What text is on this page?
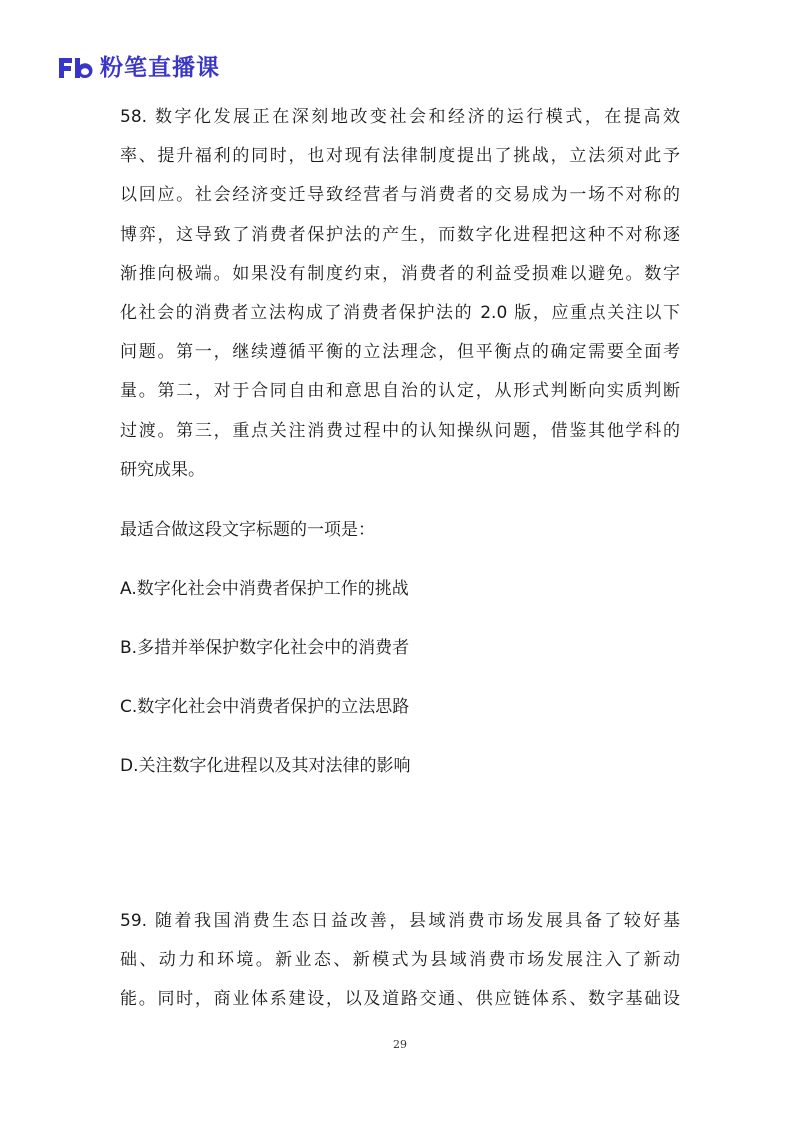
粉笔直播课
58. 数字化发展正在深刻地改变社会和经济的运行模式，在提高效
率、提升福利的同时，也对现有法律制度提出了挑战，立法须对此予
以回应。社会经济变迁导致经营者与消费者的交易成为一场不对称的
博弈，这导致了消费者保护法的产生，而数字化进程把这种不对称逐
渐推向极端。如果没有制度约束，消费者的利益受损难以避免。数字
化社会的消费者立法构成了消费者保护法的 2.0 版，应重点关注以下
问题。第一，继续遵循平衡的立法理念，但平衡点的确定需要全面考
量。第二，对于合同自由和意思自治的认定，从形式判断向实质判断
过渡。第三，重点关注消费过程中的认知操纵问题，借鉴其他学科的
研究成果。
最适合做这段文字标题的一项是：
A.数字化社会中消费者保护工作的挑战
B.多措并举保护数字化社会中的消费者
C.数字化社会中消费者保护的立法思路
D.关注数字化进程以及其对法律的影响
59. 随着我国消费生态日益改善，县域消费市场发展具备了较好基
础、动力和环境。新业态、新模式为县域消费市场发展注入了新动
能。同时，商业体系建设，以及道路交通、供应链体系、数字基础设
29
